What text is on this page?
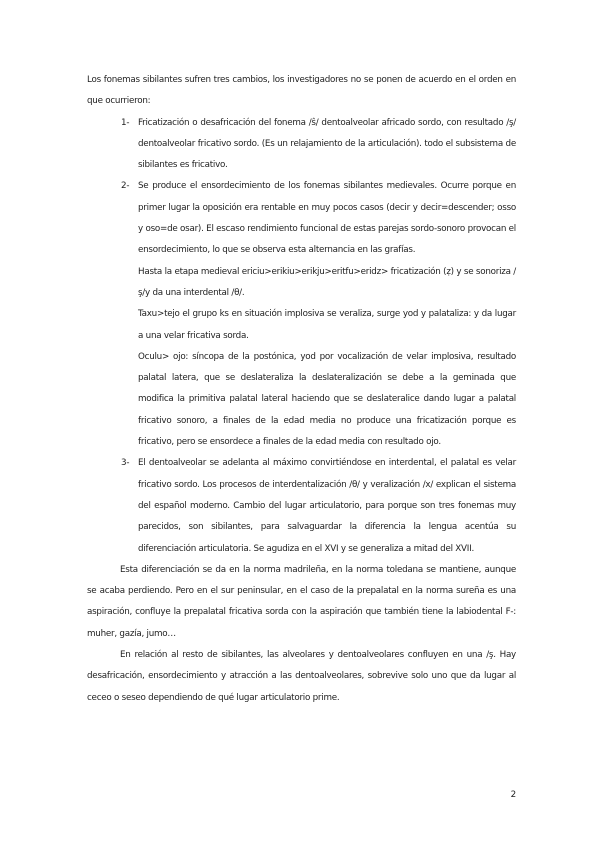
Los fonemas sibilantes sufren tres cambios, los investigadores no se ponen de acuerdo en el orden en que ocurrieron:

1- Fricatización o desafricación del fonema /ŝ/ dentoalveolar africado sordo, con resultado /ş/ dentoalveolar fricativo sordo. (Es un relajamiento de la articulación). todo el subsistema de sibilantes es fricativo.

2- Se produce el ensordecimiento de los fonemas sibilantes medievales. Ocurre porque en primer lugar la oposición era rentable en muy pocos casos (decir y decir=descender; osso y oso=de osar). El escaso rendimiento funcional de estas parejas sordo-sonoro provocan el ensordecimiento, lo que se observa esta alternancia en las grafías.

Hasta la etapa medieval ericiu>erikiu>erikju>eritfu>eridz> fricatización (ẓ) y se sonoriza /ş/y da una interdental /θ/.

Taxu>tejo el grupo ks en situación implosiva se veraliza, surge yod y palataliza: y da lugar a una velar fricativa sorda.

Oculu> ojo: síncopa de la postónica, yod por vocalización de velar implosiva, resultado palatal latera, que se deslateraliza la deslateralización se debe a la geminada que modifica la primitiva palatal lateral haciendo que se deslateralice dando lugar a palatal fricativo sonoro, a finales de la edad media no produce una fricatización porque es fricativo, pero se ensordece a finales de la edad media con resultado ojo.

3- El dentoalveolar se adelanta al máximo convirtiéndose en interdental, el palatal es velar fricativo sordo. Los procesos de interdentalización /θ/ y veralización /x/ explican el sistema del español moderno. Cambio del lugar articulatorio, para porque son tres fonemas muy parecidos, son sibilantes, para salvaguardar la diferencia la lengua acentúa su diferenciación articulatoria. Se agudiza en el XVI y se generaliza a mitad del XVII.

Esta diferenciación se da en la norma madrileña, en la norma toledana se mantiene, aunque se acaba perdiendo. Pero en el sur peninsular, en el caso de la prepalatal en la norma sureña es una aspiración, confluye la prepalatal fricativa sorda con la aspiración que también tiene la labiodental F-: muher, gazía, jumo…

En relación al resto de sibilantes, las alveolares y dentoalveolares confluyen en una /ş. Hay desafricación, ensordecimiento y atracción a las dentoalveolares, sobrevive solo uno que da lugar al ceceo o seseo dependiendo de qué lugar articulatorio prime.

2
